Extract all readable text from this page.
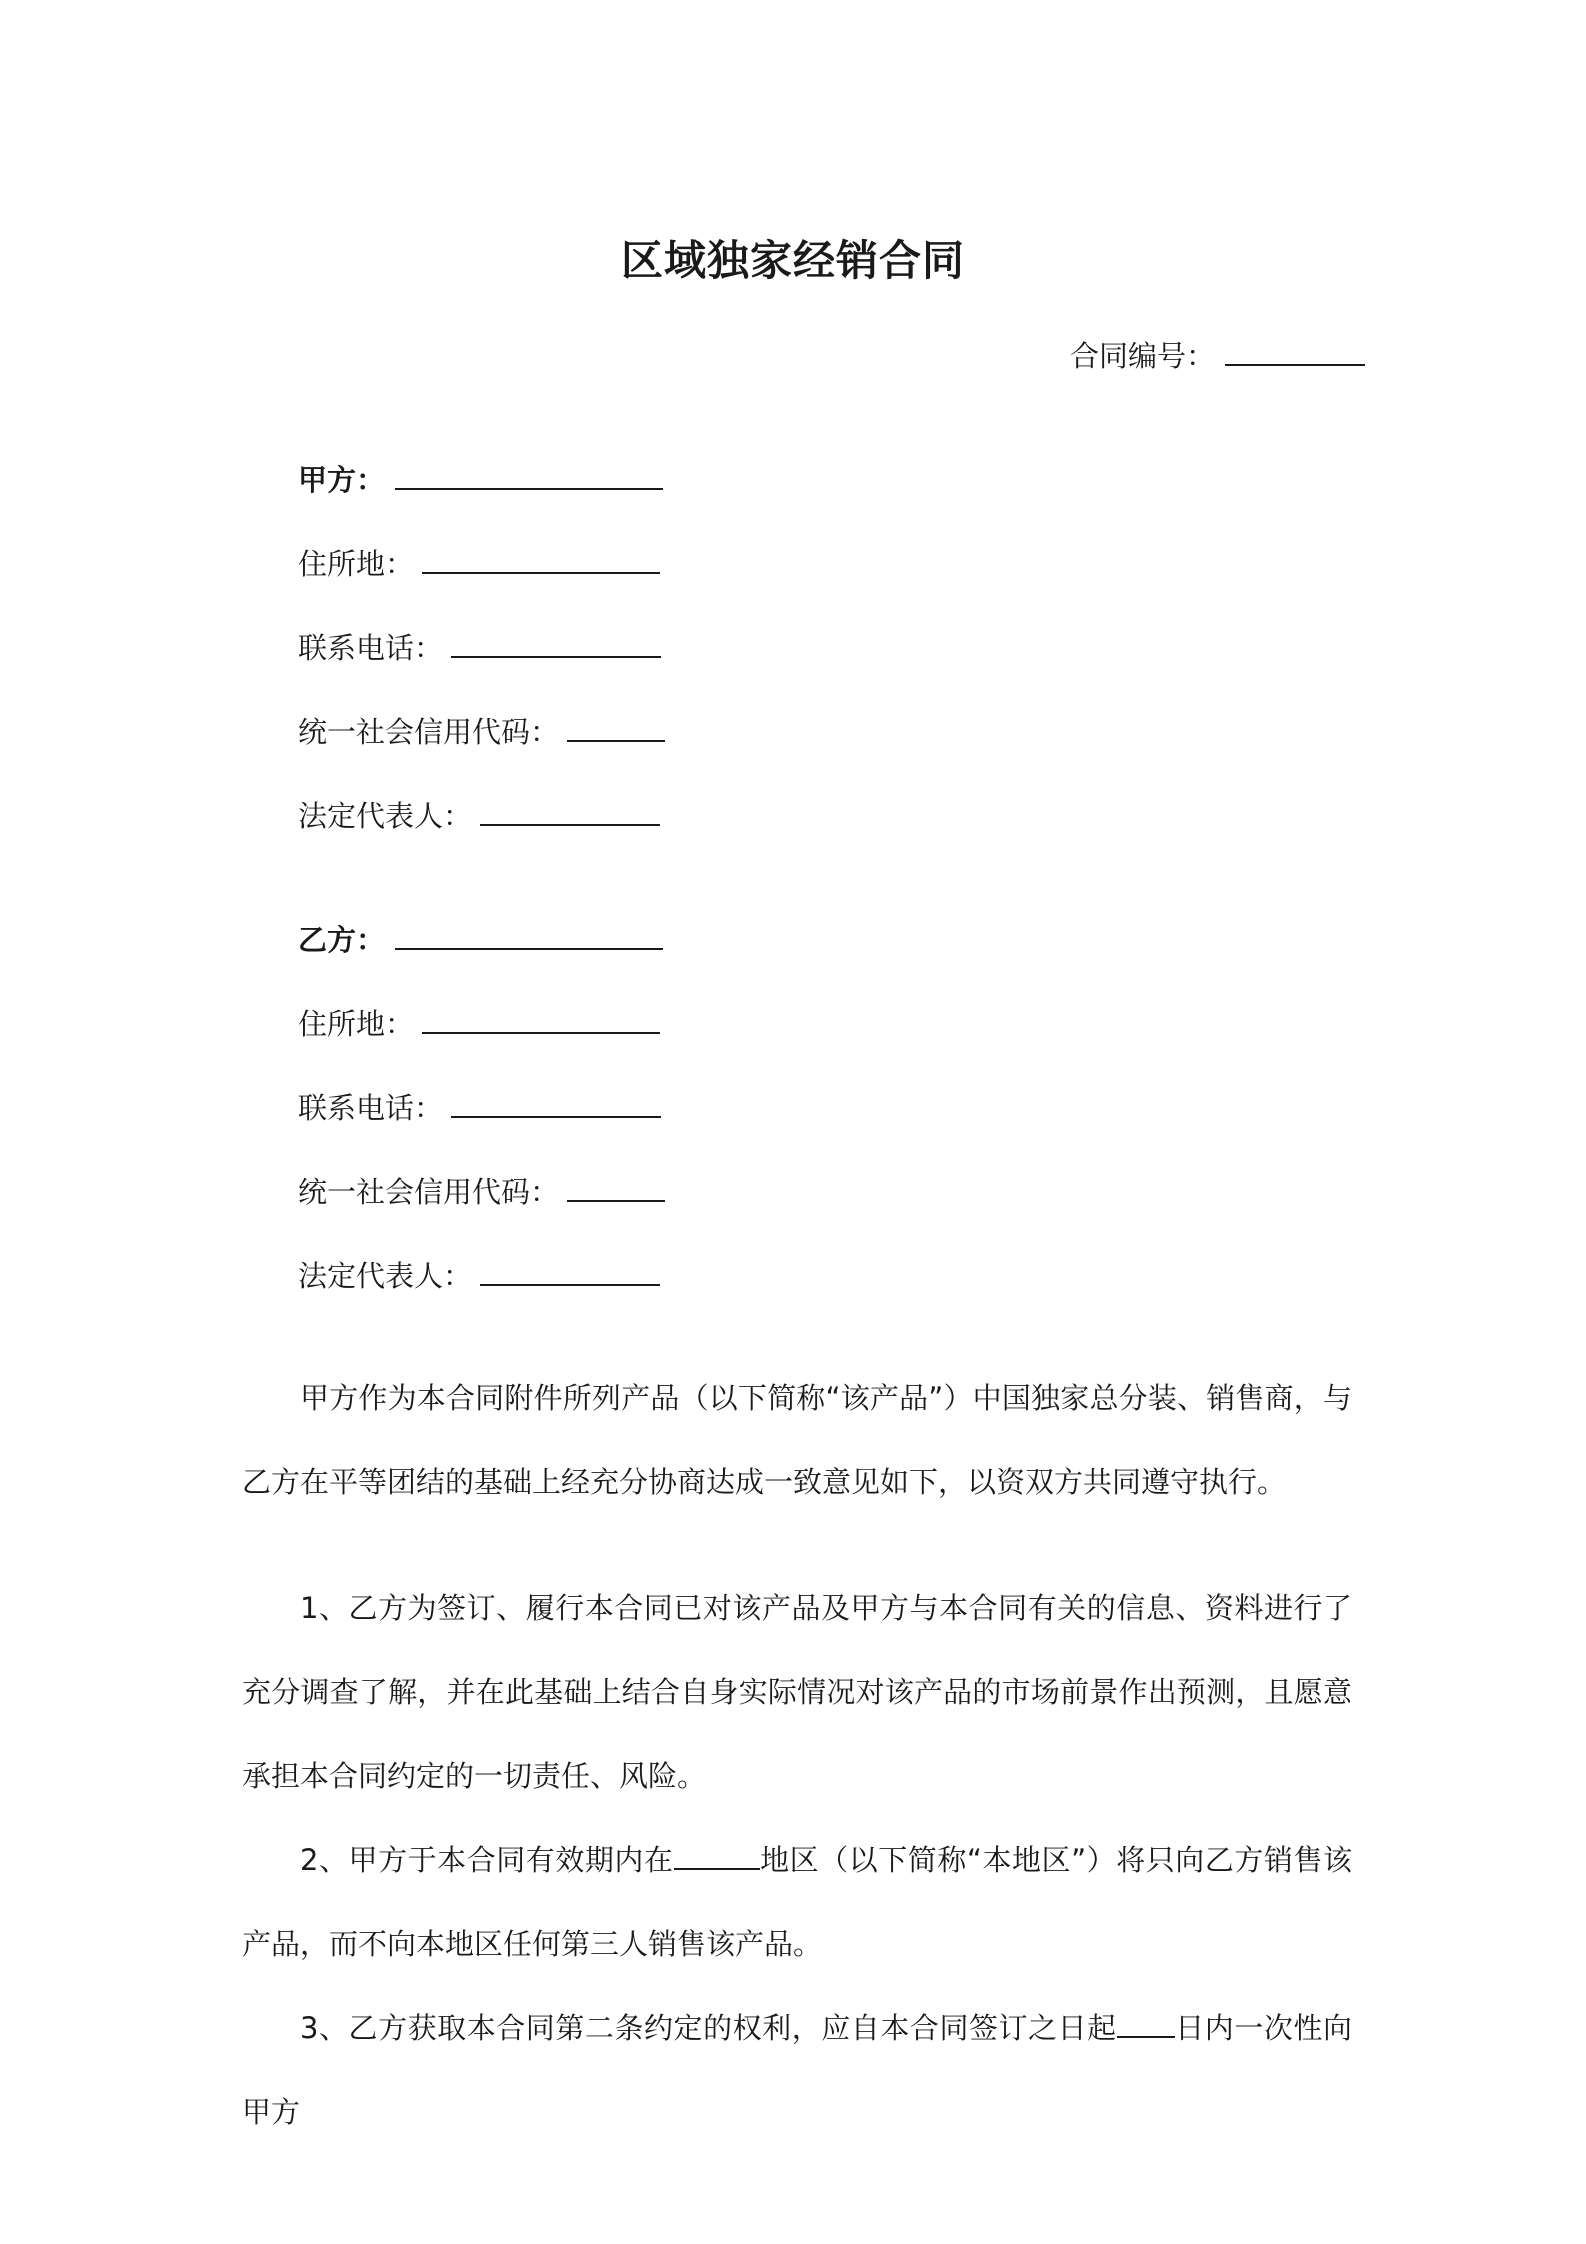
区域独家经销合同
合同编号：
甲方：
住所地：
联系电话：
统一社会信用代码：
法定代表人：
乙方：
住所地：
联系电话：
统一社会信用代码：
法定代表人：

甲方作为本合同附件所列产品（以下简称“该产品”）中国独家总分装、销售商，与乙方在平等团结的基础上经充分协商达成一致意见如下，以资双方共同遵守执行。

1、乙方为签订、履行本合同已对该产品及甲方与本合同有关的信息、资料进行了充分调查了解，并在此基础上结合自身实际情况对该产品的市场前景作出预测，且愿意承担本合同约定的一切责任、风险。

2、甲方于本合同有效期内在	地区（以下简称“本地区”）将只向乙方销售该产品，而不向本地区任何第三人销售该产品。

3、乙方获取本合同第二条约定的权利，应自本合同签订之日起 日内一次性向甲方
